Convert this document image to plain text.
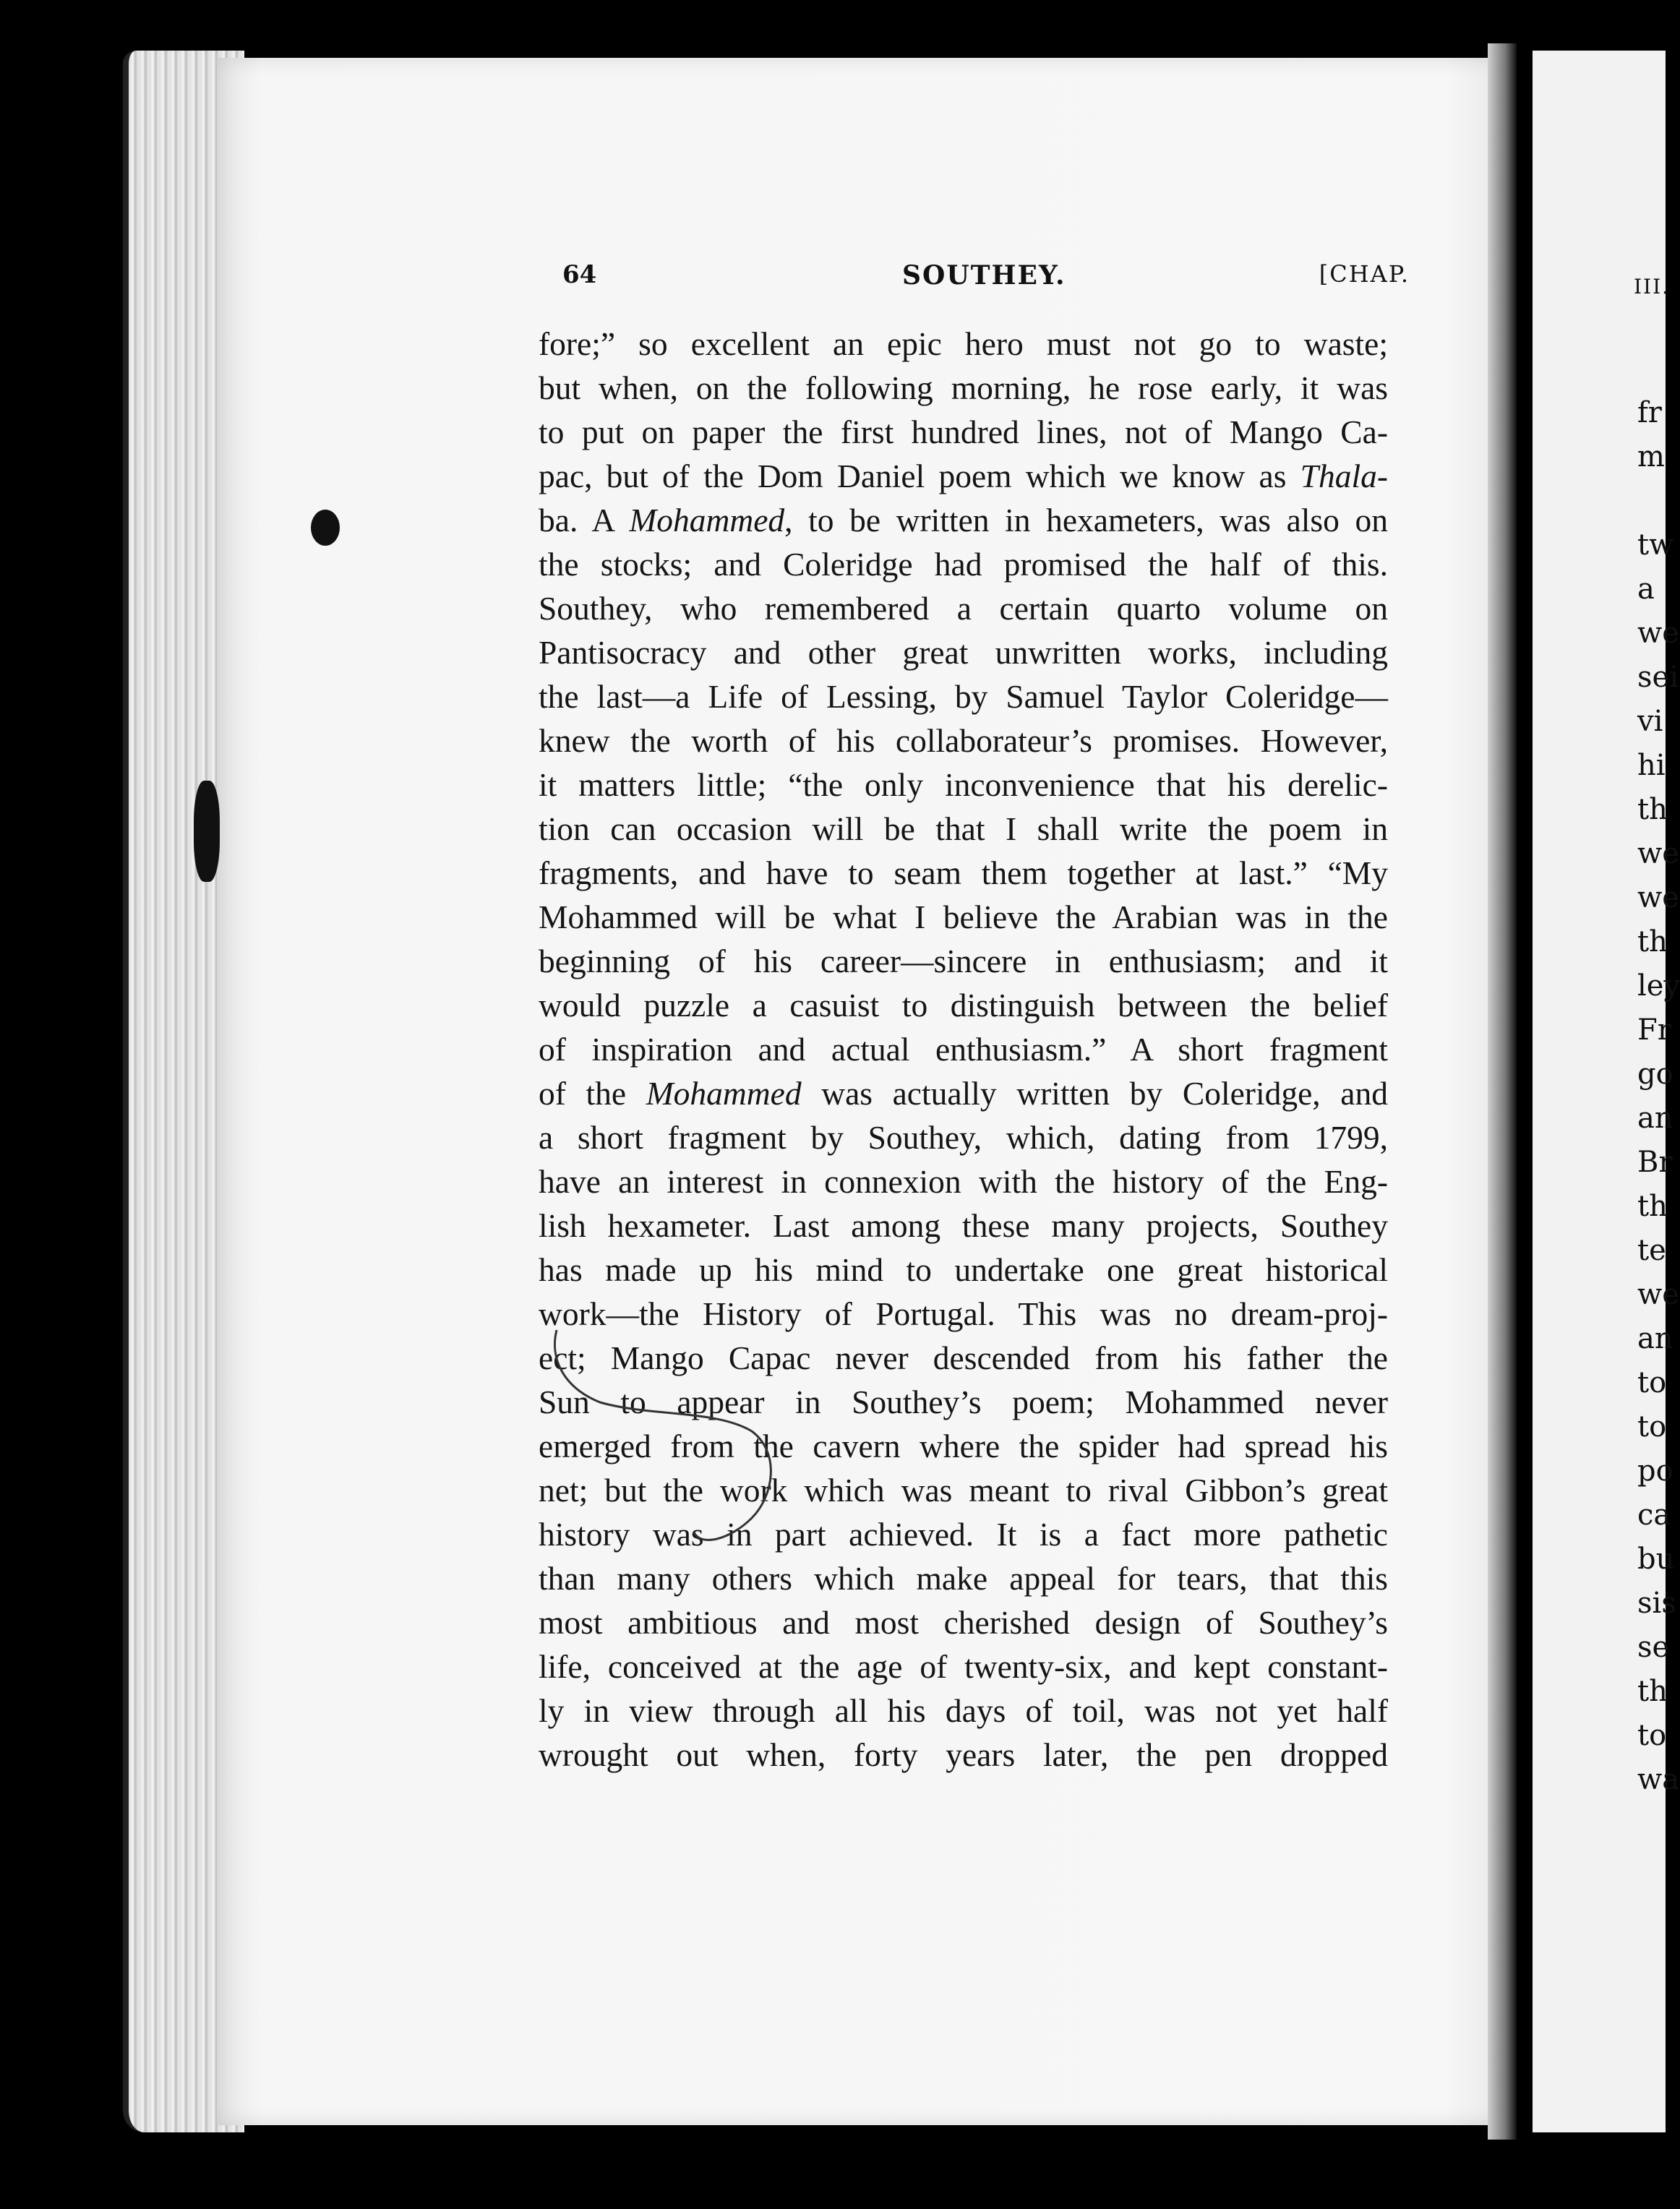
III.
fr
m
tw
a
we
sei
vi
hi
th
we
we
th
ley
Fr
go
an
Br
th
te
we
an
to
to
po
ca
bu
sis
se
th
to
wa
64	SOUTHEY.	[CHAP.
fore;” so excellent an epic hero must not go to waste;
but when, on the following morning, he rose early, it was
to put on paper the first hundred lines, not of Mango Ca-
pac, but of the Dom Daniel poem which we know as Thala-
ba. A Mohammed, to be written in hexameters, was also on
the stocks; and Coleridge had promised the half of this.
Southey, who remembered a certain quarto volume on
Pantisocracy and other great unwritten works, including
the last—a Life of Lessing, by Samuel Taylor Coleridge—
knew the worth of his collaborateur’s promises. However,
it matters little; “the only inconvenience that his derelic-
tion can occasion will be that I shall write the poem in
fragments, and have to seam them together at last.” “My
Mohammed will be what I believe the Arabian was in the
beginning of his career—sincere in enthusiasm; and it
would puzzle a casuist to distinguish between the belief
of inspiration and actual enthusiasm.” A short fragment
of the Mohammed was actually written by Coleridge, and
a short fragment by Southey, which, dating from 1799,
have an interest in connexion with the history of the Eng-
lish hexameter. Last among these many projects, Southey
has made up his mind to undertake one great historical
work—the History of Portugal. This was no dream-proj-
ect; Mango Capac never descended from his father the
Sun to appear in Southey’s poem; Mohammed never
emerged from the cavern where the spider had spread his
net; but the work which was meant to rival Gibbon’s great
history was in part achieved. It is a fact more pathetic
than many others which make appeal for tears, that this
most ambitious and most cherished design of Southey’s
life, conceived at the age of twenty-six, and kept constant-
ly in view through all his days of toil, was not yet half
wrought out when, forty years later, the pen dropped
